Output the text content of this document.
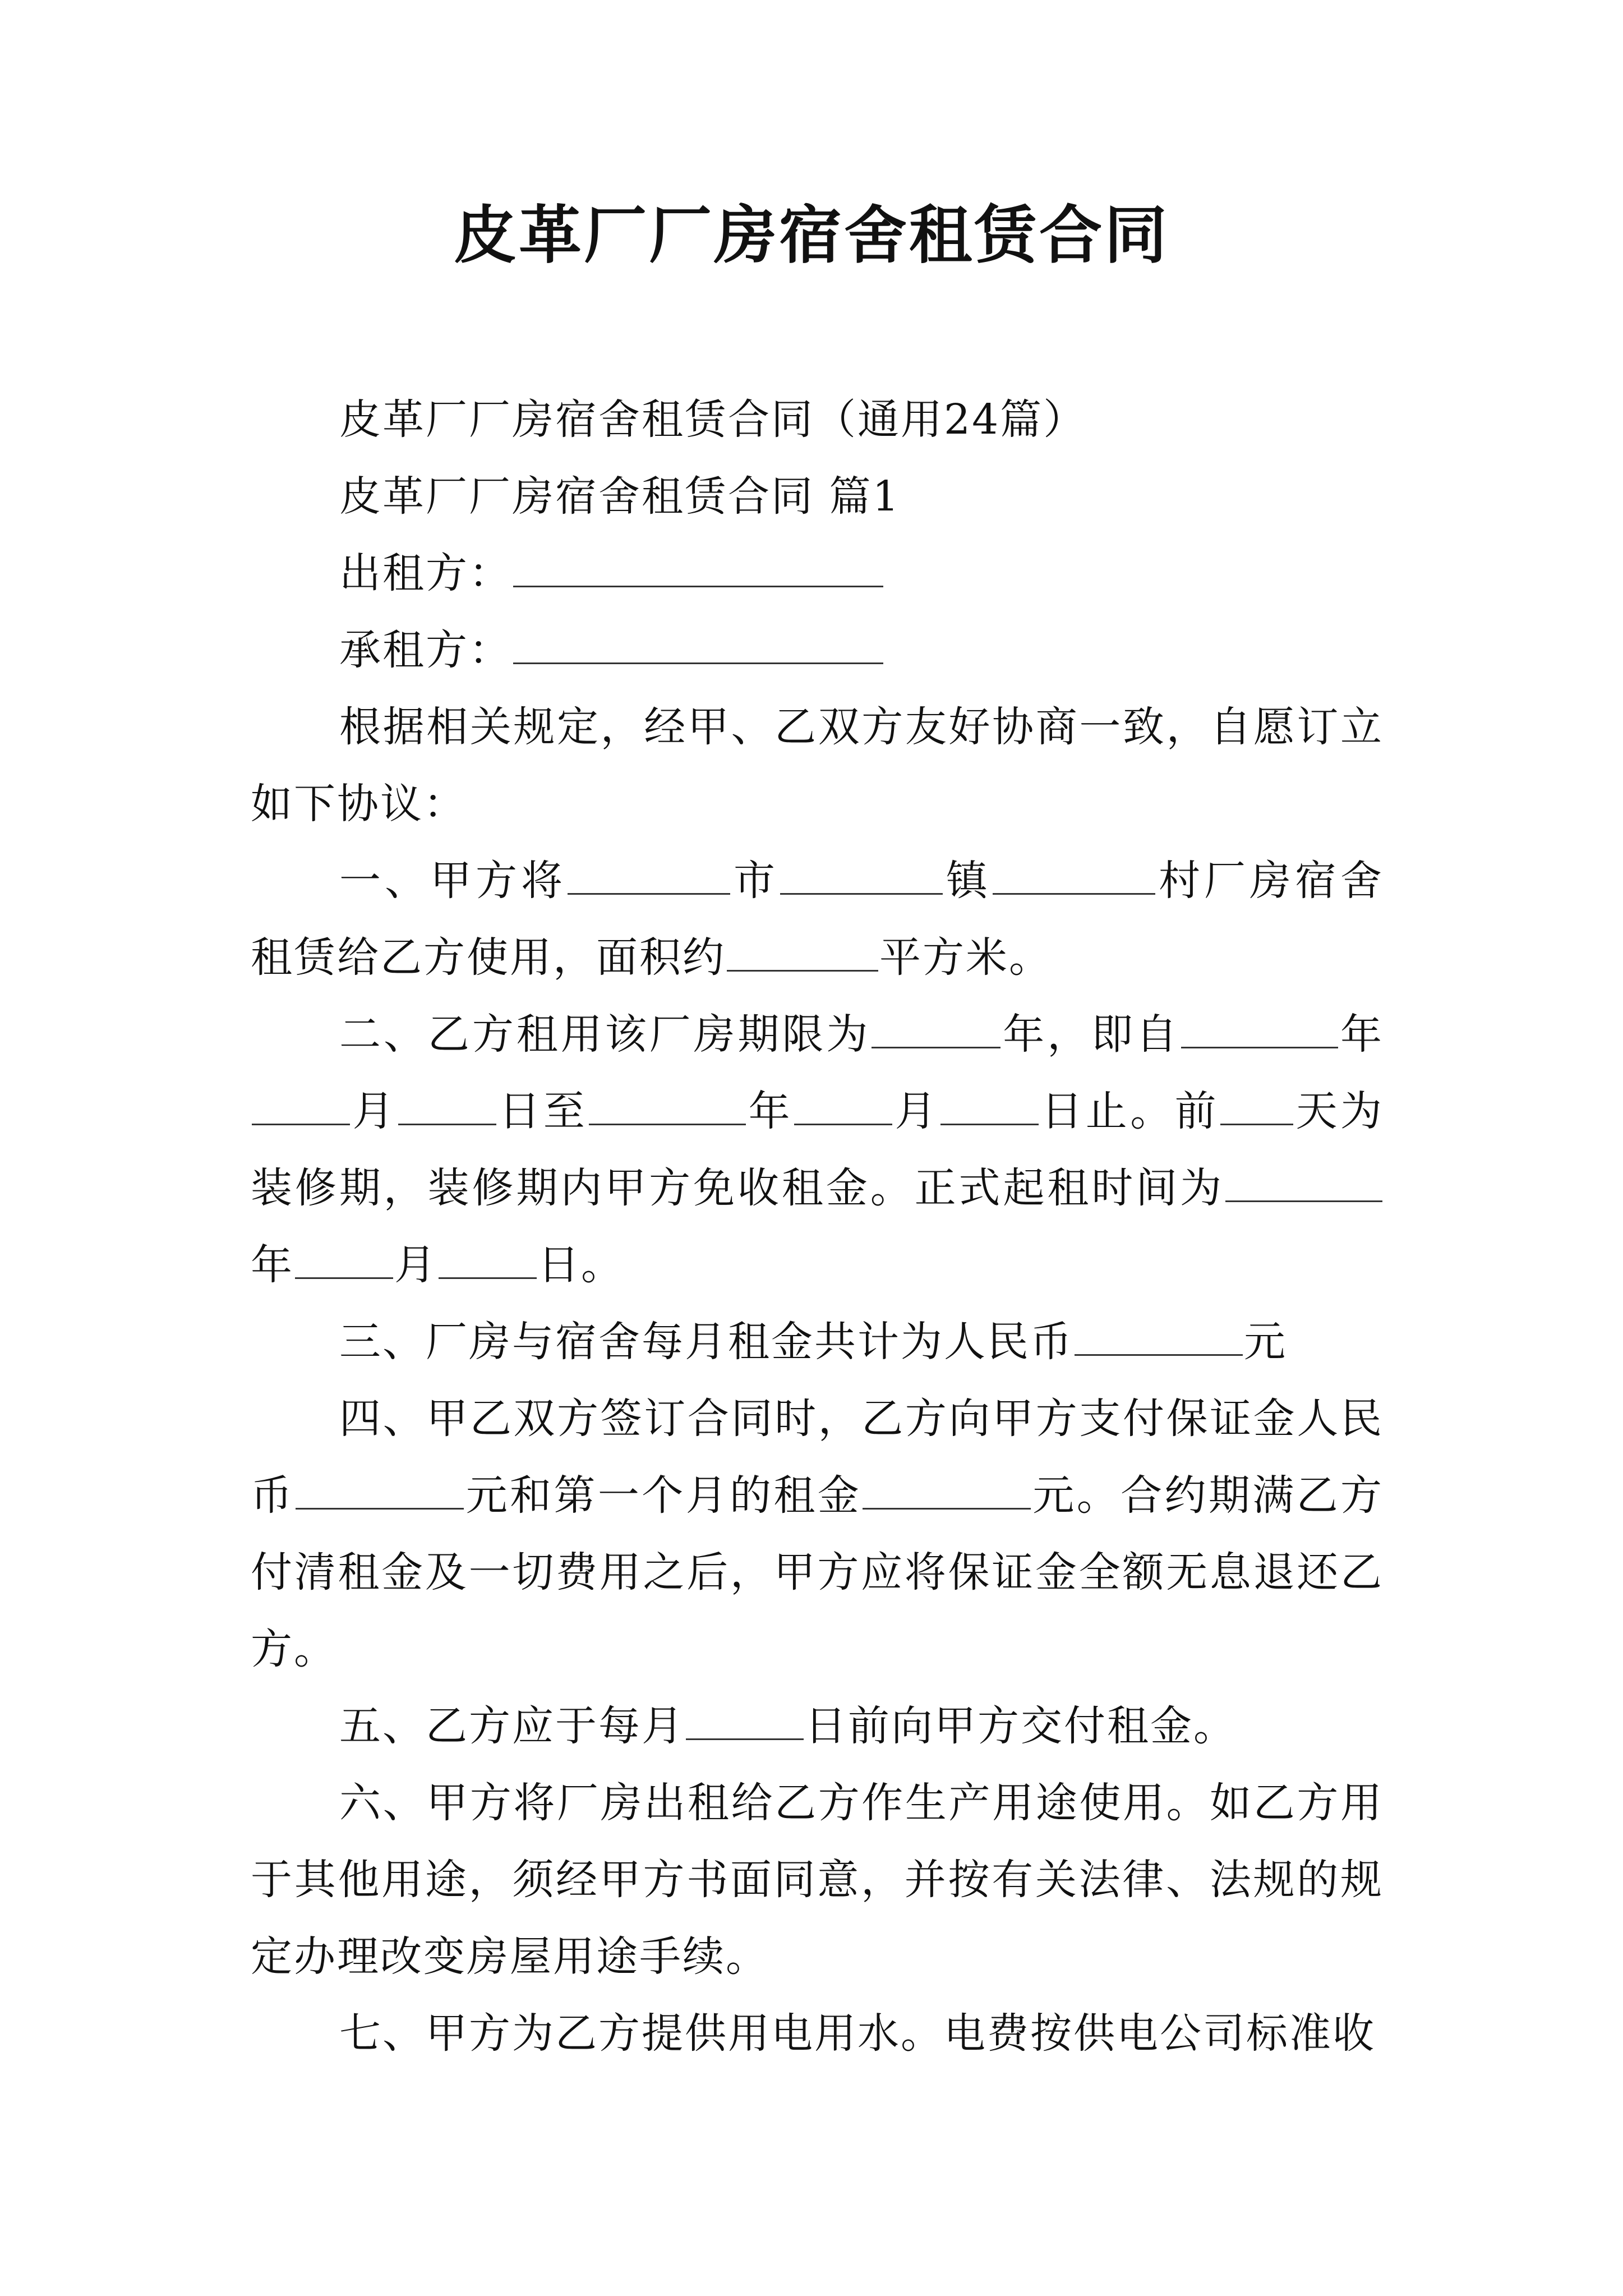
皮革厂厂房宿舍租赁合同

皮革厂厂房宿舍租赁合同（通用24篇）

皮革厂厂房宿舍租赁合同 篇1

出租方：

承租方：

根据相关规定，经甲、乙双方友好协商一致，自愿订立如下协议：

一、甲方将	市	镇	村厂房宿舍租赁给乙方使用，面积约	平方米。

二、乙方租用该厂房期限为	年，即自	年月 日至	年 月 日止。前 天为装修期，装修期内甲方免收租金。正式起租时间为年 月 日。

三、厂房与宿舍每月租金共计为人民币	元

四、甲乙双方签订合同时，乙方向甲方支付保证金人民币	元和第一个月的租金	元。合约期满乙方付清租金及一切费用之后，甲方应将保证金全额无息退还乙方。

五、乙方应于每月	日前向甲方交付租金。

六、甲方将厂房出租给乙方作生产用途使用。如乙方用于其他用途，须经甲方书面同意，并按有关法律、法规的规定办理改变房屋用途手续。

七、甲方为乙方提供用电用水。电费按供电公司标准收
